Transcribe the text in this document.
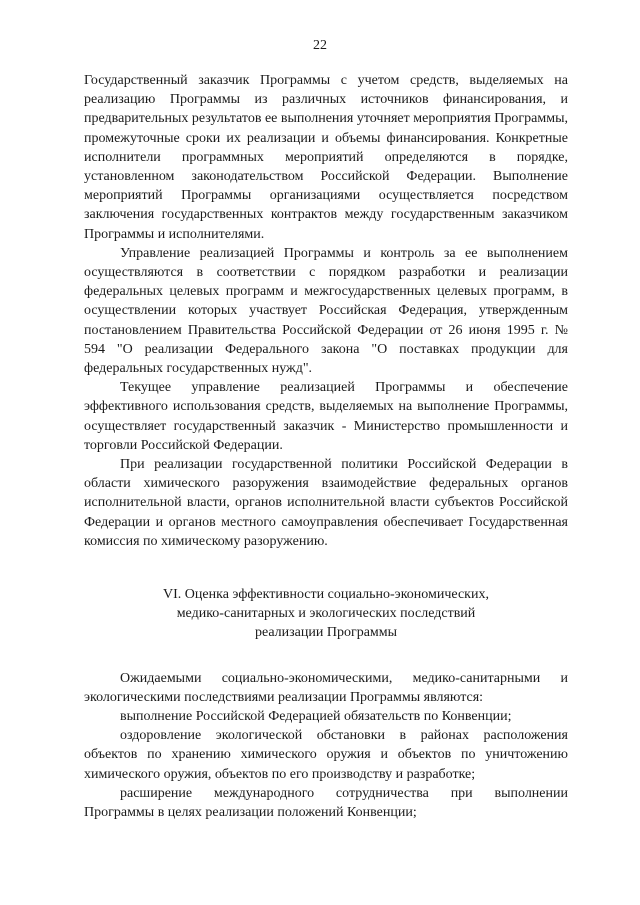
22

Государственный заказчик Программы с учетом средств, выделяемых на реализацию Программы из различных источников финансирования, и предварительных результатов ее выполнения уточняет мероприятия Программы, промежуточные сроки их реализации и объемы финансирования. Конкретные исполнители программных мероприятий определяются в порядке, установленном законодательством Российской Федерации. Выполнение мероприятий Программы организациями осуществляется посредством заключения государственных контрактов между государственным заказчиком Программы и исполнителями.

Управление реализацией Программы и контроль за ее выполнением осуществляются в соответствии с порядком разработки и реализации федеральных целевых программ и межгосударственных целевых программ, в осуществлении которых участвует Российская Федерация, утвержденным постановлением Правительства Российской Федерации от 26 июня 1995 г. № 594 "О реализации Федерального закона "О поставках продукции для федеральных государственных нужд".

Текущее управление реализацией Программы и обеспечение эффективного использования средств, выделяемых на выполнение Программы, осуществляет государственный заказчик - Министерство промышленности и торговли Российской Федерации.

При реализации государственной политики Российской Федерации в области химического разоружения взаимодействие федеральных органов исполнительной власти, органов исполнительной власти субъектов Российской Федерации и органов местного самоуправления обеспечивает Государственная комиссия по химическому разоружению.

VI. Оценка эффективности социально-экономических,
медико-санитарных и экологических последствий
реализации Программы

Ожидаемыми социально-экономическими, медико-санитарными и экологическими последствиями реализации Программы являются:

выполнение Российской Федерацией обязательств по Конвенции;

оздоровление экологической обстановки в районах расположения объектов по хранению химического оружия и объектов по уничтожению химического оружия, объектов по его производству и разработке;

расширение международного сотрудничества при выполнении Программы в целях реализации положений Конвенции;
